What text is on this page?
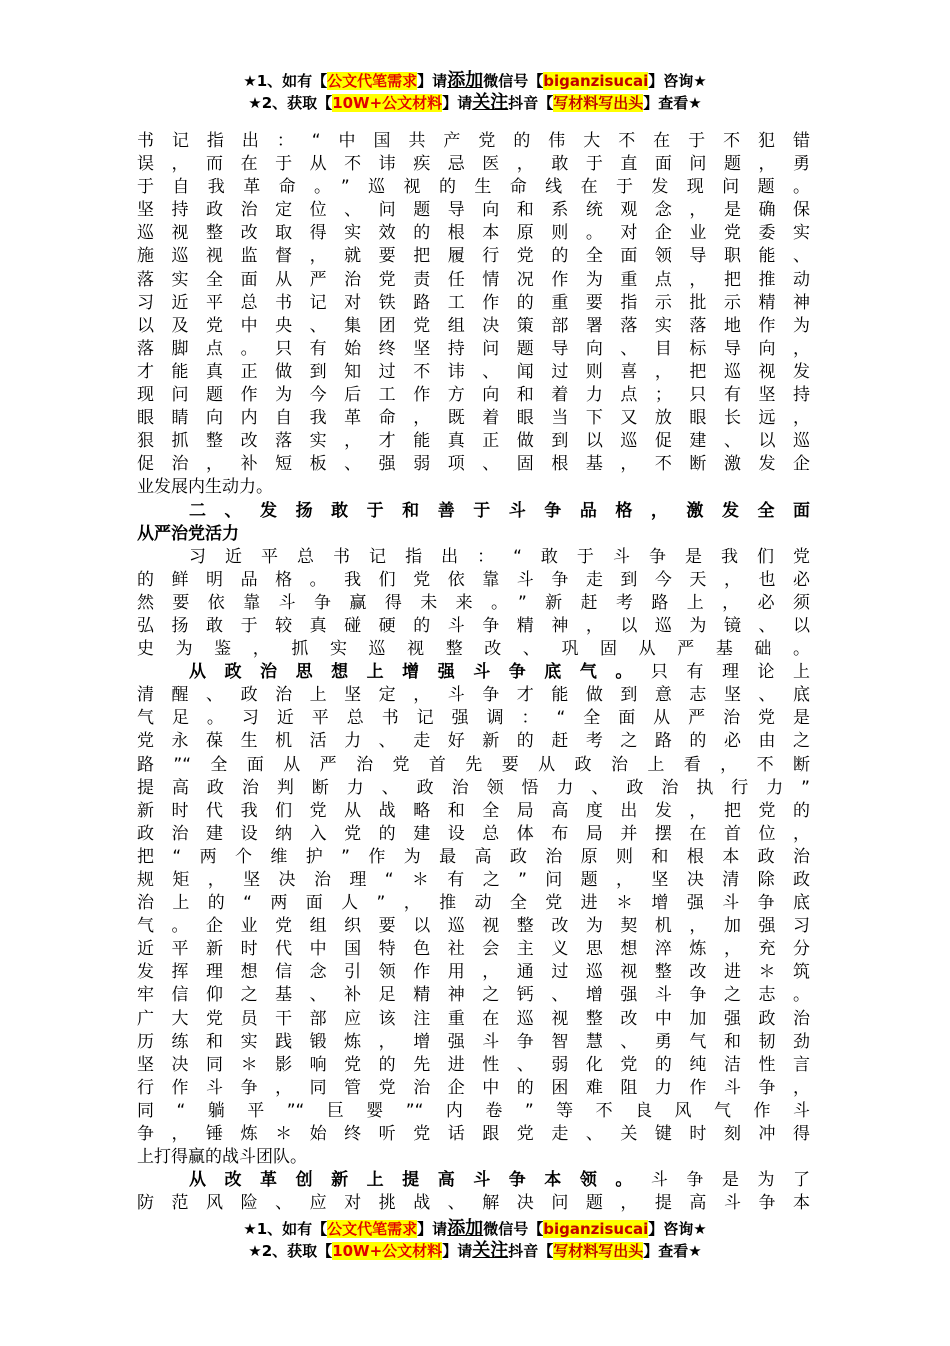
★1、如有【公文代笔需求】请添加微信号【biganzisucai】咨询★
★2、获取【10W+公文材料】请关注抖音【写材料写出头】查看★
书记指出：“中国共产党的伟大不在于不犯错
误，而在于从不讳疾忌医，敢于直面问题，勇
于自我革命。”巡视的生命线在于发现问题。
坚持政治定位、问题导向和系统观念，是确保
巡视整改取得实效的根本原则。对企业党委实
施巡视监督，就要把履行党的全面领导职能、
落实全面从严治党责任情况作为重点，把推动
习近平总书记对铁路工作的重要指示批示精神
以及党中央、集团党组决策部署落实落地作为
落脚点。只有始终坚持问题导向、目标导向，
才能真正做到知过不讳、闻过则喜，把巡视发
现问题作为今后工作方向和着力点；只有坚持
眼睛向内自我革命，既着眼当下又放眼长远，
狠抓整改落实，才能真正做到以巡促建、以巡
促治，补短板、强弱项、固根基，不断激发企
业发展内生动力。
二、发扬敢于和善于斗争品格，激发全面
从严治党活力
习近平总书记指出：“敢于斗争是我们党
的鲜明品格。我们党依靠斗争走到今天，也必
然要依靠斗争赢得未来。”新赶考路上，必须
弘扬敢于较真碰硬的斗争精神，以巡为镜、以
史为鉴，抓实巡视整改、巩固从严基础。
从政治思想上增强斗争底气。只有理论上
清醒、政治上坚定，斗争才能做到意志坚、底
气足。习近平总书记强调：“全面从严治党是
党永葆生机活力、走好新的赶考之路的必由之
路”“全面从严治党首先要从政治上看，不断
提高政治判断力、政治领悟力、政治执行力”
新时代我们党从战略和全局高度出发，把党的
政治建设纳入党的建设总体布局并摆在首位，
把“两个维护”作为最高政治原则和根本政治
规矩，坚决治理“＊有之”问题，坚决清除政
治上的“两面人”，推动全党进＊增强斗争底
气。企业党组织要以巡视整改为契机，加强习
近平新时代中国特色社会主义思想淬炼，充分
发挥理想信念引领作用，通过巡视整改进＊筑
牢信仰之基、补足精神之钙、增强斗争之志。
广大党员干部应该注重在巡视整改中加强政治
历练和实践锻炼，增强斗争智慧、勇气和韧劲
坚决同＊影响党的先进性、弱化党的纯洁性言
行作斗争，同管党治企中的困难阻力作斗争，
同“躺平”“巨婴”“内卷”等不良风气作斗
争，锤炼＊始终听党话跟党走、关键时刻冲得
上打得赢的战斗团队。
从改革创新上提高斗争本领。斗争是为了
防范风险、应对挑战、解决问题，提高斗争本
★1、如有【公文代笔需求】请添加微信号【biganzisucai】咨询★
★2、获取【10W+公文材料】请关注抖音【写材料写出头】查看★
